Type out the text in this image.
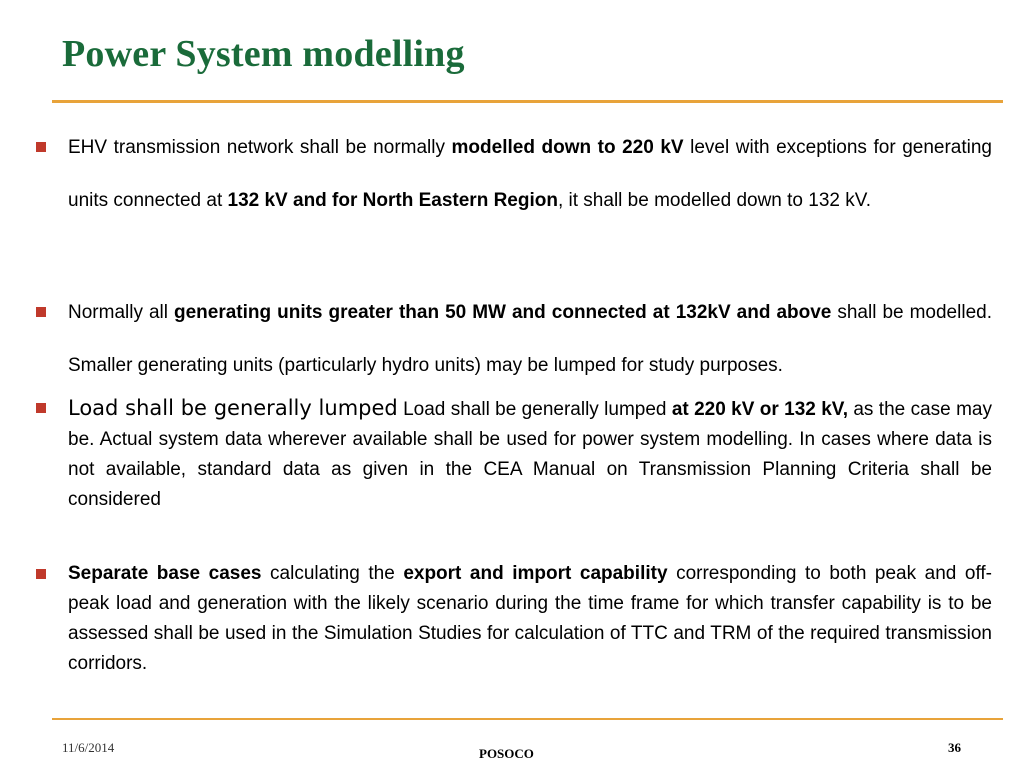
Power System modelling
EHV transmission network shall be normally modelled down to 220 kV level with exceptions for generating units connected at 132 kV and for North Eastern Region, it shall be modelled down to 132 kV.
Normally all generating units greater than 50 MW and connected at 132kV and above shall be modelled. Smaller generating units (particularly hydro units) may be lumped for study purposes.
Load shall be generally lumped Load shall be generally lumped at 220 kV or 132 kV, as the case may be. Actual system data wherever available shall be used for power system modelling. In cases where data is not available, standard data as given in the CEA Manual on Transmission Planning Criteria shall be considered
Separate base cases calculating the export and import capability corresponding to both peak and off- peak load and generation with the likely scenario during the time frame for which transfer capability is to be assessed shall be used in the Simulation Studies for calculation of TTC and TRM of the required transmission corridors.
11/6/2014	POSOCO	36
